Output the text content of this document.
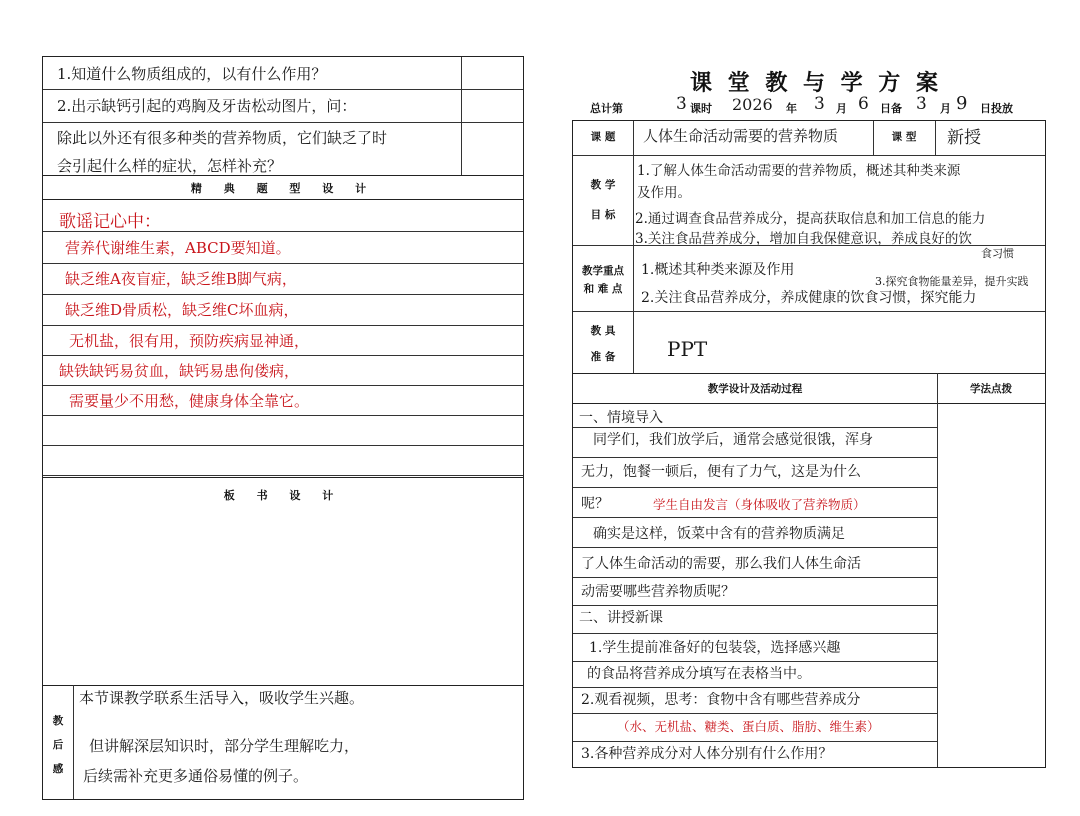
1.知道什么物质组成的，以有什么作用？
2.出示缺钙引起的鸡胸及牙齿松动图片，问：
除此以外还有很多种类的营养物质，它们缺乏了时
会引起什么样的症状，怎样补充？
精 典 题 型 设 计
歌谣记心中：
营养代谢维生素，ABCD要知道。
缺乏维A夜盲症，缺乏维B脚气病，
缺乏维D骨质松，缺乏维C坏血病，
无机盐，很有用，预防疾病显神通，
缺铁缺钙易贫血，缺钙易患佝偻病，
需要量少不用愁，健康身体全靠它。
板 书 设 计
教 后 感
本节课教学联系生活导入，吸收学生兴趣。
但讲解深层知识时，部分学生理解吃力，
后续需补充更多通俗易懂的例子。
课 堂 教 与 学 方 案
总计第	3 课时 2026 年 3 月 6 日备 3 月 9 日投放
课 题	人体生命活动需要的营养物质	课 型	新授
教 学
目 标
1.了解人体生命活动需要的营养物质，概述其种类来源
及作用。
2.通过调查食品营养成分，提高获取信息和加工信息的能力
3.关注食品营养成分，增加自我保健意识，养成良好的饮
食习惯
教学重点
和 难 点
1.概述其种类来源及作用
3.探究食物能量差异，提升实践
2.关注食品营养成分，养成健康的饮食习惯，探究能力
教 具
准 备	PPT
教学设计及活动过程	学法点拨
一、情境导入
同学们，我们放学后，通常会感觉很饿，浑身
无力，饱餐一顿后，便有了力气，这是为什么
呢？	学生自由发言（身体吸收了营养物质）
确实是这样，饭菜中含有的营养物质满足
了人体生命活动的需要，那么我们人体生命活
动需要哪些营养物质呢？
二、讲授新课
1.学生提前准备好的包装袋，选择感兴趣
的食品将营养成分填写在表格当中。
2.观看视频，思考：食物中含有哪些营养成分
（水、无机盐、糖类、蛋白质、脂肪、维生素）
3.各种营养成分对人体分别有什么作用？
